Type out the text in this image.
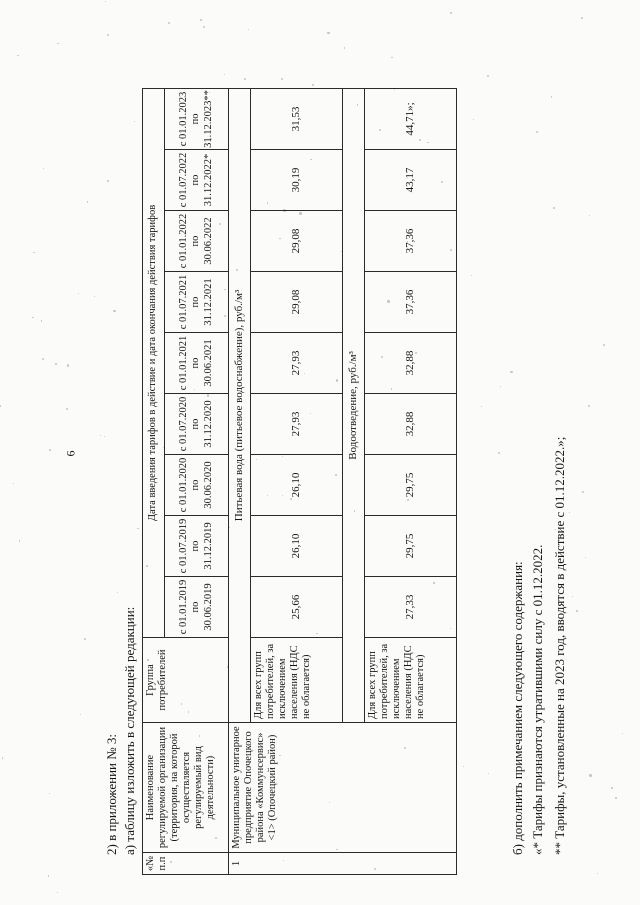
6
2) в приложении № 3: а) таблицу изложить в следующей редакции:
«№ п.п	Наименование регулируемой организации (территория, на которой осуществляется регулируемый вид деятельности)	Группа потребителей	Дата введения тарифов в действие и дата окончания действия тарифов								
			с 01.01.2019 по 30.06.2019	с 01.07.2019 по 31.12.2019	с 01.01.2020 по 30.06.2020	с 01.07.2020 по 31.12.2020	с 01.01.2021 по 30.06.2021	с 01.07.2021 по 31.12.2021	с 01.01.2022 по 30.06.2022	с 01.07.2022 по 31.12.2022*	с 01.01.2023 по 31.12.2023**
1	Муниципальное унитарное предприятие Опочецкого района «Коммунсервис» <1> (Опочецкий район)	Питьевая вода (питьевое водоснабжение), руб./м³									
		Для всех групп потребителей, за исключением населения (НДС не облагается)	25,66	26,10	26,10	27,93	27,93	29,08	29,08	30,19	31,53
		Водоотведение, руб./м³									
		Для всех групп потребителей, за исключением населения (НДС не облагается)	27,33	29,75	29,75	32,88	32,88	37,36	37,36	43,17	44,71»;
б) дополнить примечанием следующего содержания: «* Тарифы признаются утратившими силу с 01.12.2022. ** Тарифы, установленные на 2023 год, вводятся в действие с 01.12.2022.»;
